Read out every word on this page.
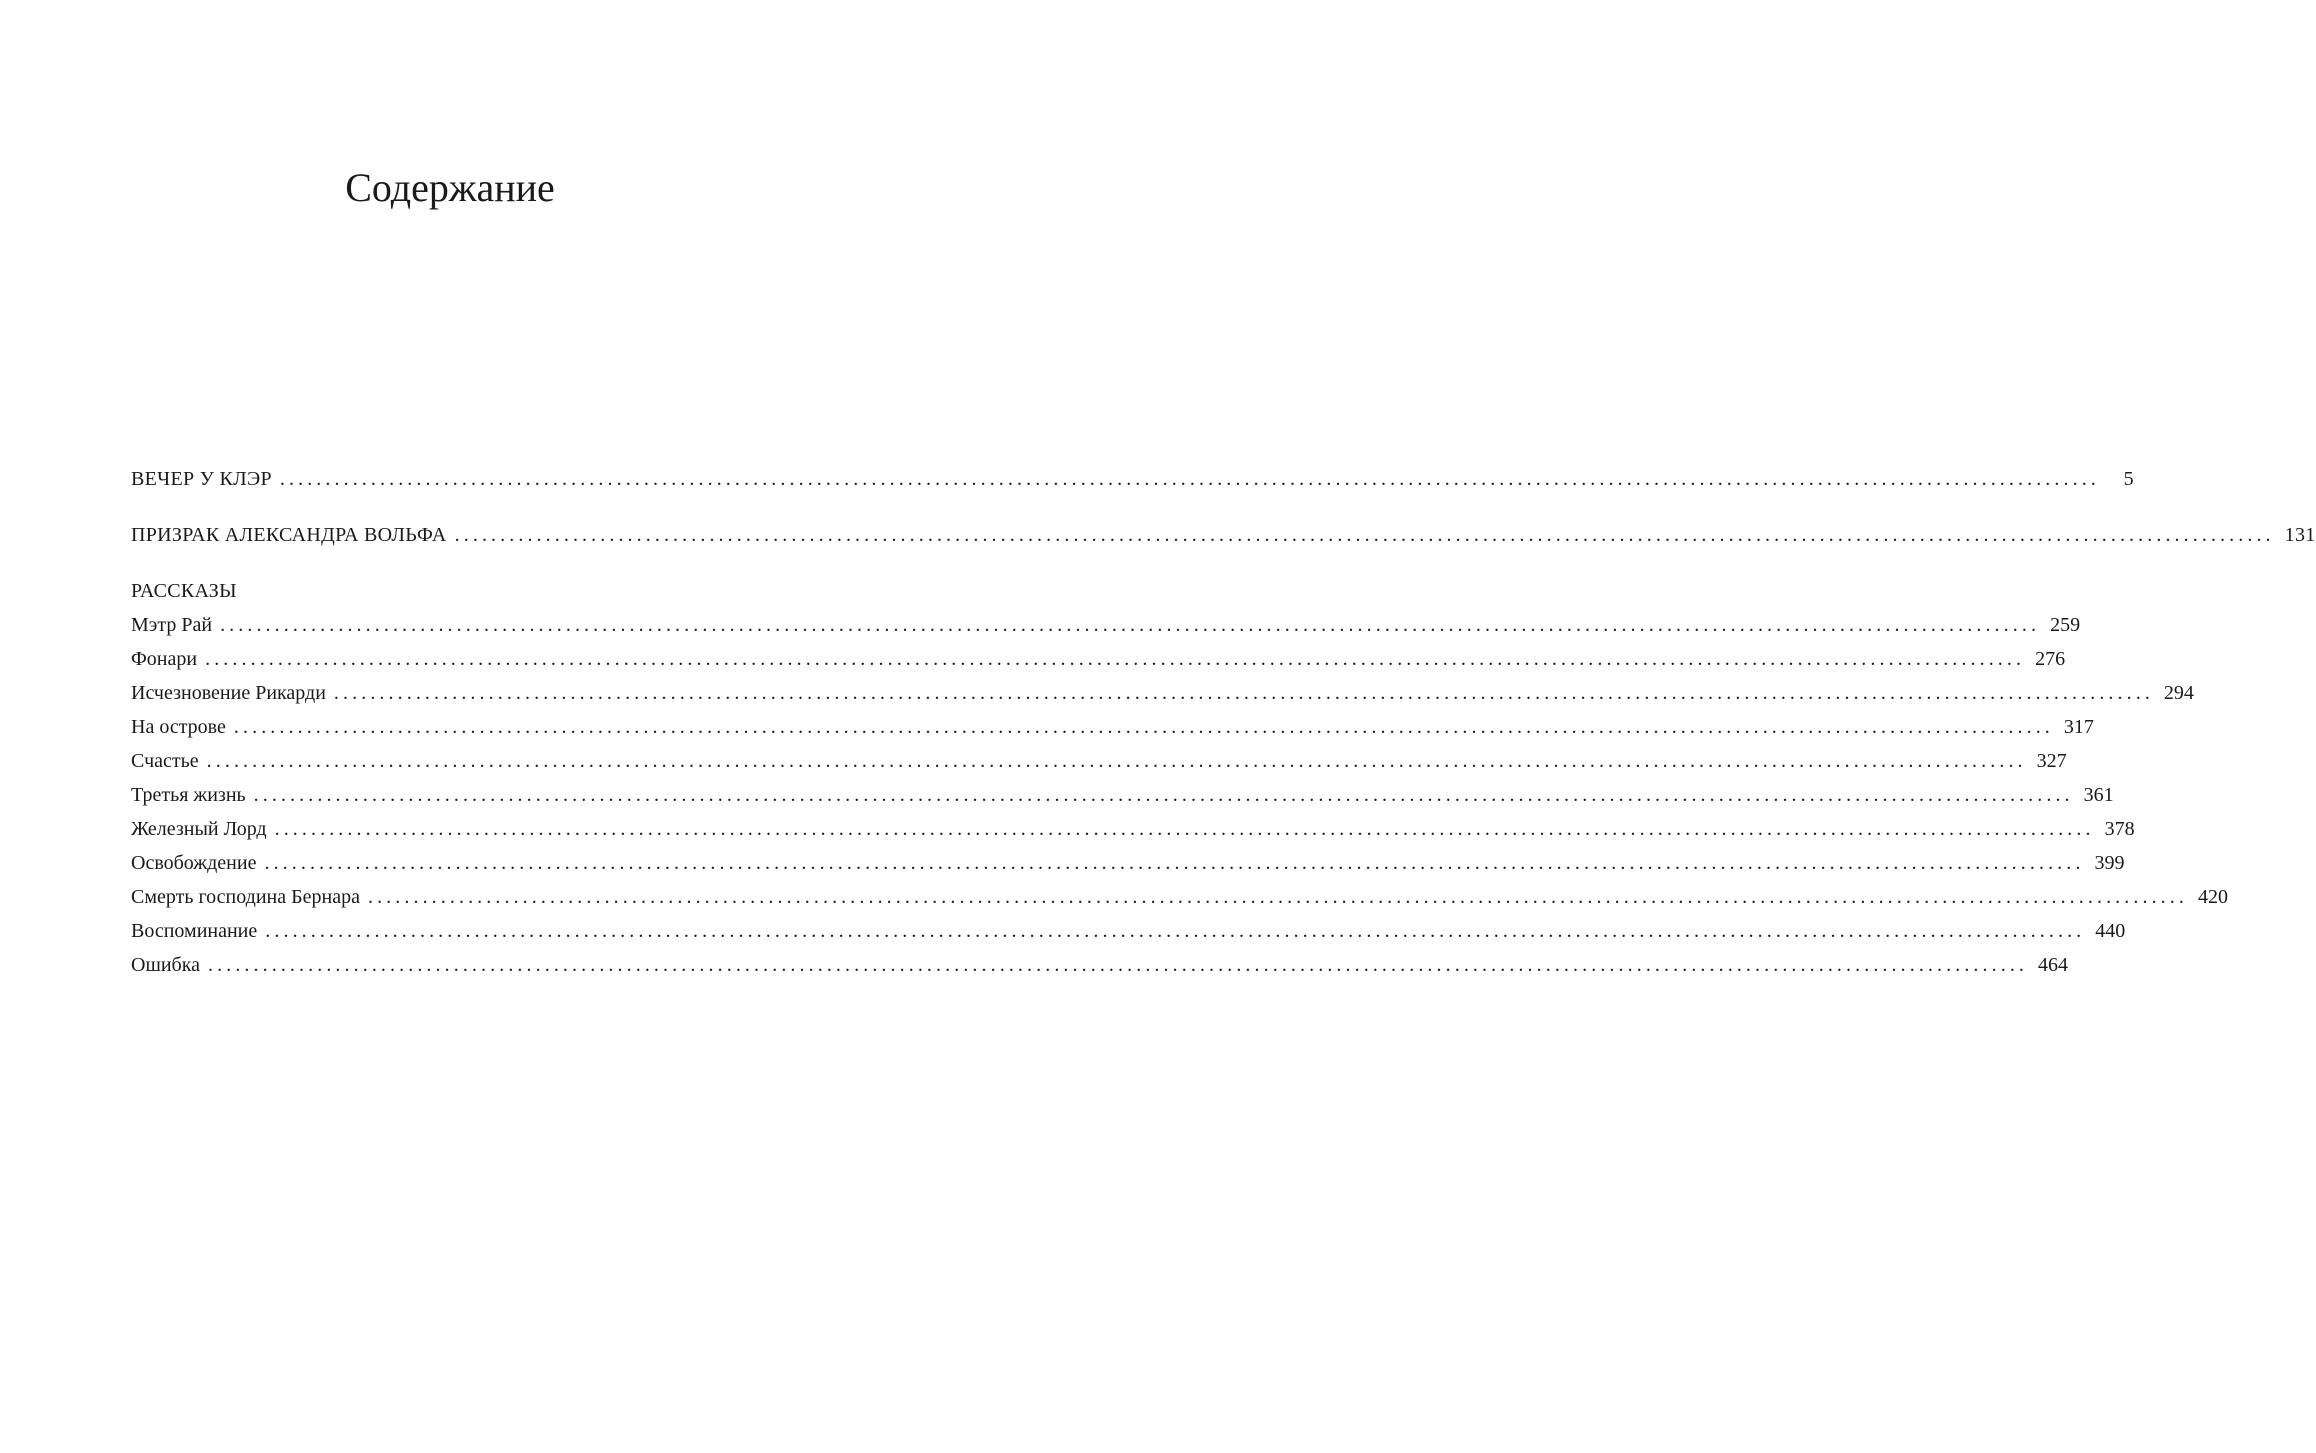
Содержание
ВЕЧЕР У КЛЭР ........................................................................................................................................................................................................	5
ПРИЗРАК АЛЕКСАНДРА ВОЛЬФА ........................................................................................................................................................................................................ 131
РАССКАЗЫ
Мэтр Рай ........................................................................................................................................................................................................ 259
Фонари ........................................................................................................................................................................................................ 276
Исчезновение Рикарди ........................................................................................................................................................................................................ 294
На острове ........................................................................................................................................................................................................ 317
Счастье ........................................................................................................................................................................................................ 327
Третья жизнь ........................................................................................................................................................................................................ 361
Железный Лорд ........................................................................................................................................................................................................ 378
Освобождение ........................................................................................................................................................................................................ 399
Смерть господина Бернара ........................................................................................................................................................................................................ 420
Воспоминание ........................................................................................................................................................................................................ 440
Ошибка ........................................................................................................................................................................................................ 464
